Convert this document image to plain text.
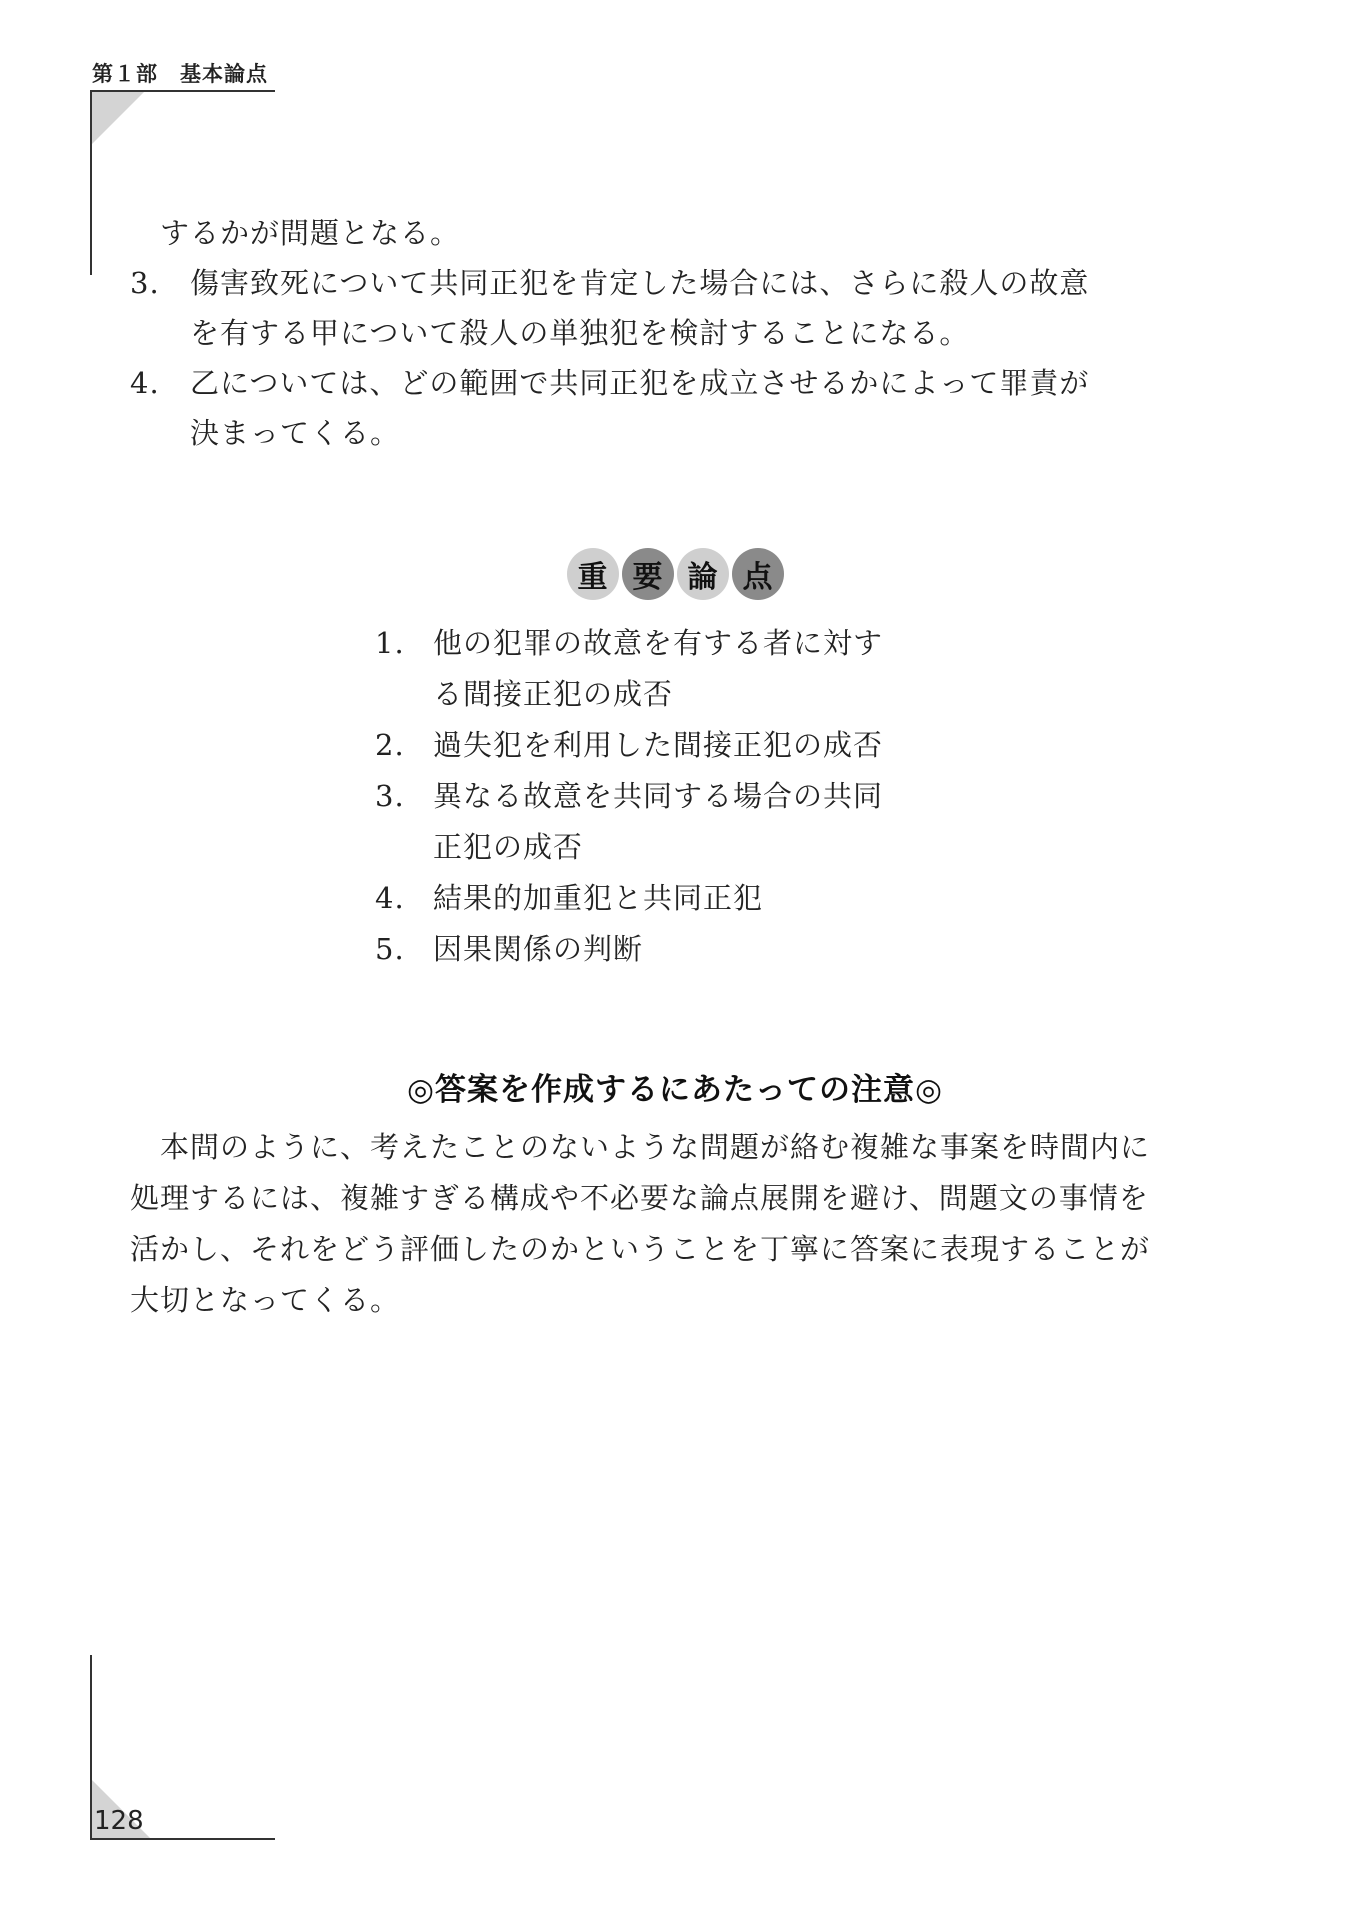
第１部　基本論点
するかが問題となる。
3.	傷害致死について共同正犯を肯定した場合には、さらに殺人の故意
を有する甲について殺人の単独犯を検討することになる。
4.	乙については、どの範囲で共同正犯を成立させるかによって罪責が
決まってくる。
重 要 論 点
1. 他の犯罪の故意を有する者に対す
る間接正犯の成否
2. 過失犯を利用した間接正犯の成否
3. 異なる故意を共同する場合の共同
正犯の成否
4. 結果的加重犯と共同正犯
5. 因果関係の判断
◎答案を作成するにあたっての注意◎
本問のように、考えたことのないような問題が絡む複雑な事案を時間内に処理するには、複雑すぎる構成や不必要な論点展開を避け、問題文の事情を活かし、それをどう評価したのかということを丁寧に答案に表現することが大切となってくる。
128
